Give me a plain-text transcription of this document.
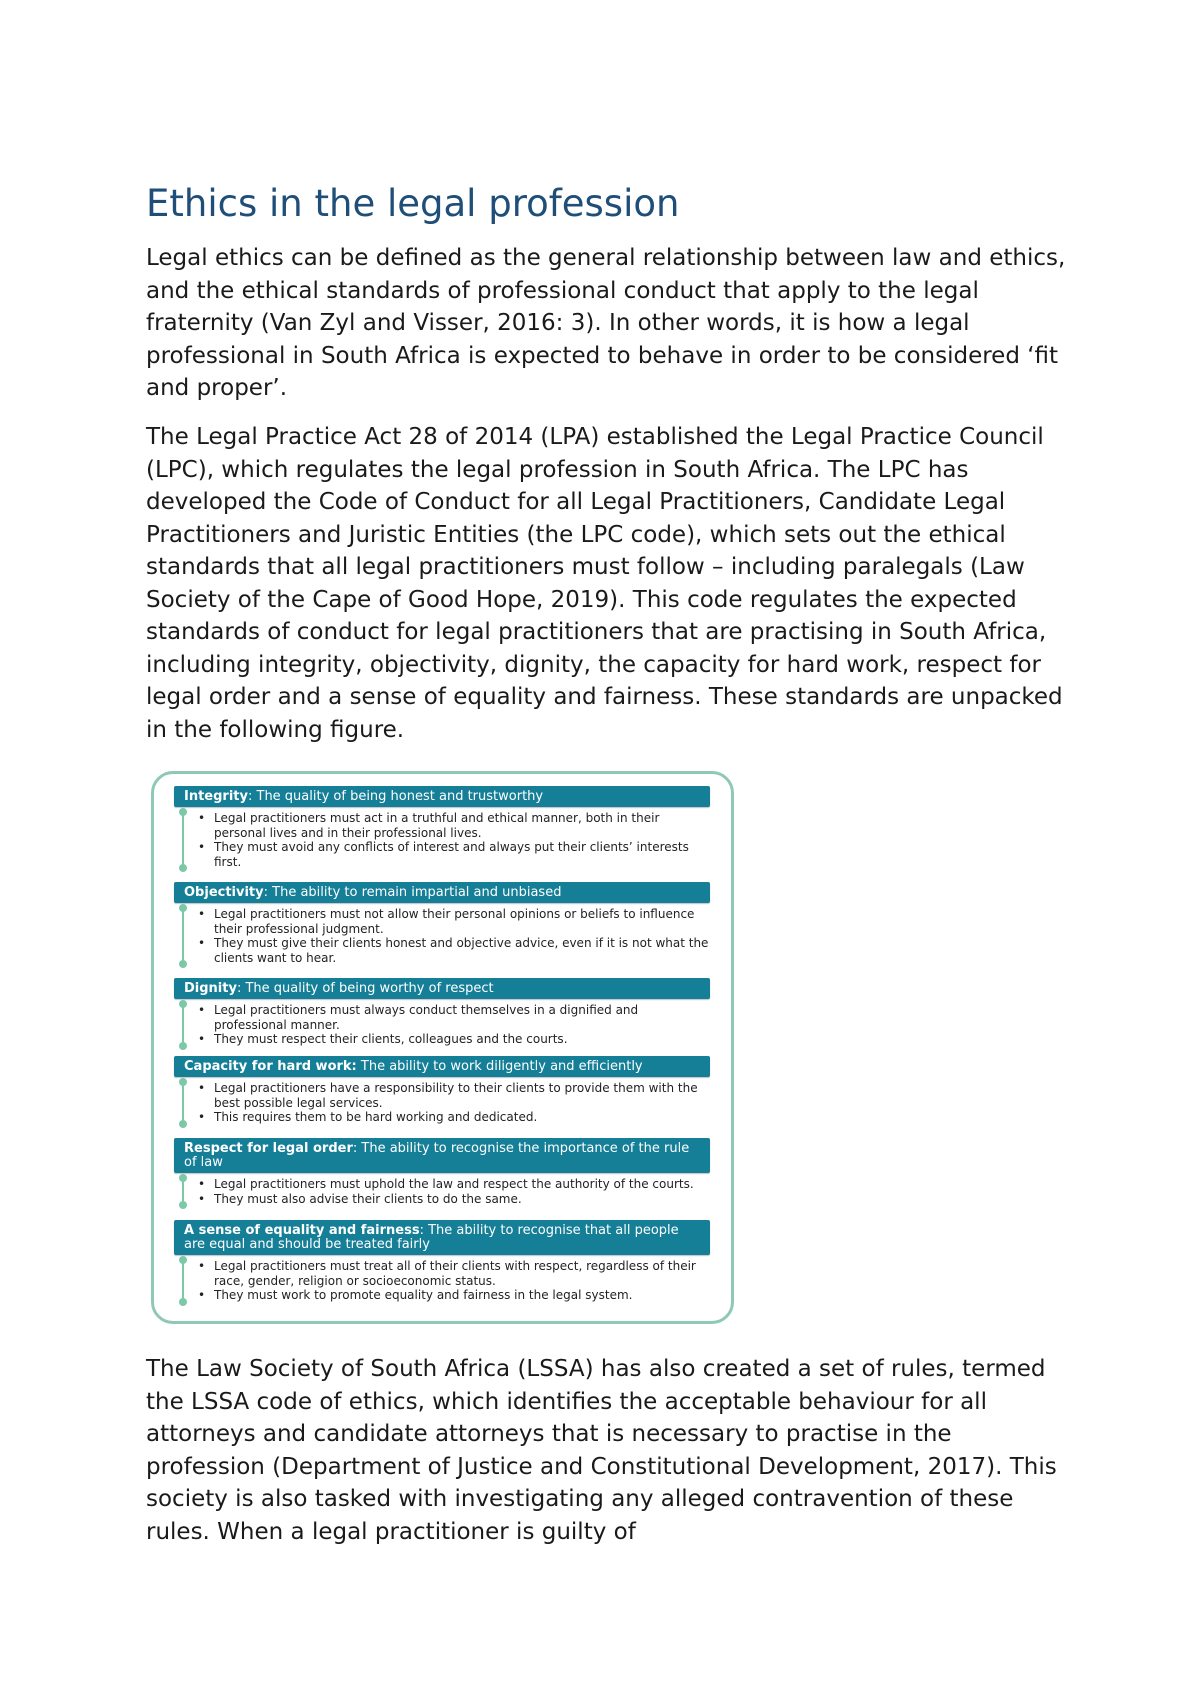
Ethics in the legal profession

Legal ethics can be defined as the general relationship between law and ethics, and the ethical standards of professional conduct that apply to the legal fraternity (Van Zyl and Visser, 2016: 3). In other words, it is how a legal professional in South Africa is expected to behave in order to be considered ‘fit and proper’.

The Legal Practice Act 28 of 2014 (LPA) established the Legal Practice Council (LPC), which regulates the legal profession in South Africa. The LPC has developed the Code of Conduct for all Legal Practitioners, Candidate Legal Practitioners and Juristic Entities (the LPC code), which sets out the ethical standards that all legal practitioners must follow – including paralegals (Law Society of the Cape of Good Hope, 2019). This code regulates the expected standards of conduct for legal practitioners that are practising in South Africa, including integrity, objectivity, dignity, the capacity for hard work, respect for legal order and a sense of equality and fairness. These standards are unpacked in the following figure.

Integrity: The quality of being honest and trustworthy
• Legal practitioners must act in a truthful and ethical manner, both in their personal lives and in their professional lives.
• They must avoid any conflicts of interest and always put their clients’ interests first.
Objectivity: The ability to remain impartial and unbiased
• Legal practitioners must not allow their personal opinions or beliefs to influence their professional judgment.
• They must give their clients honest and objective advice, even if it is not what the clients want to hear.
Dignity: The quality of being worthy of respect
• Legal practitioners must always conduct themselves in a dignified and professional manner.
• They must respect their clients, colleagues and the courts.
Capacity for hard work: The ability to work diligently and efficiently
• Legal practitioners have a responsibility to their clients to provide them with the best possible legal services.
• This requires them to be hard working and dedicated.
Respect for legal order: The ability to recognise the importance of the rule of law
• Legal practitioners must uphold the law and respect the authority of the courts.
• They must also advise their clients to do the same.
A sense of equality and fairness: The ability to recognise that all people are equal and should be treated fairly
• Legal practitioners must treat all of their clients with respect, regardless of their race, gender, religion or socioeconomic status.
• They must work to promote equality and fairness in the legal system.

The Law Society of South Africa (LSSA) has also created a set of rules, termed the LSSA code of ethics, which identifies the acceptable behaviour for all attorneys and candidate attorneys that is necessary to practise in the profession (Department of Justice and Constitutional Development, 2017). This society is also tasked with investigating any alleged contravention of these rules. When a legal practitioner is guilty of
